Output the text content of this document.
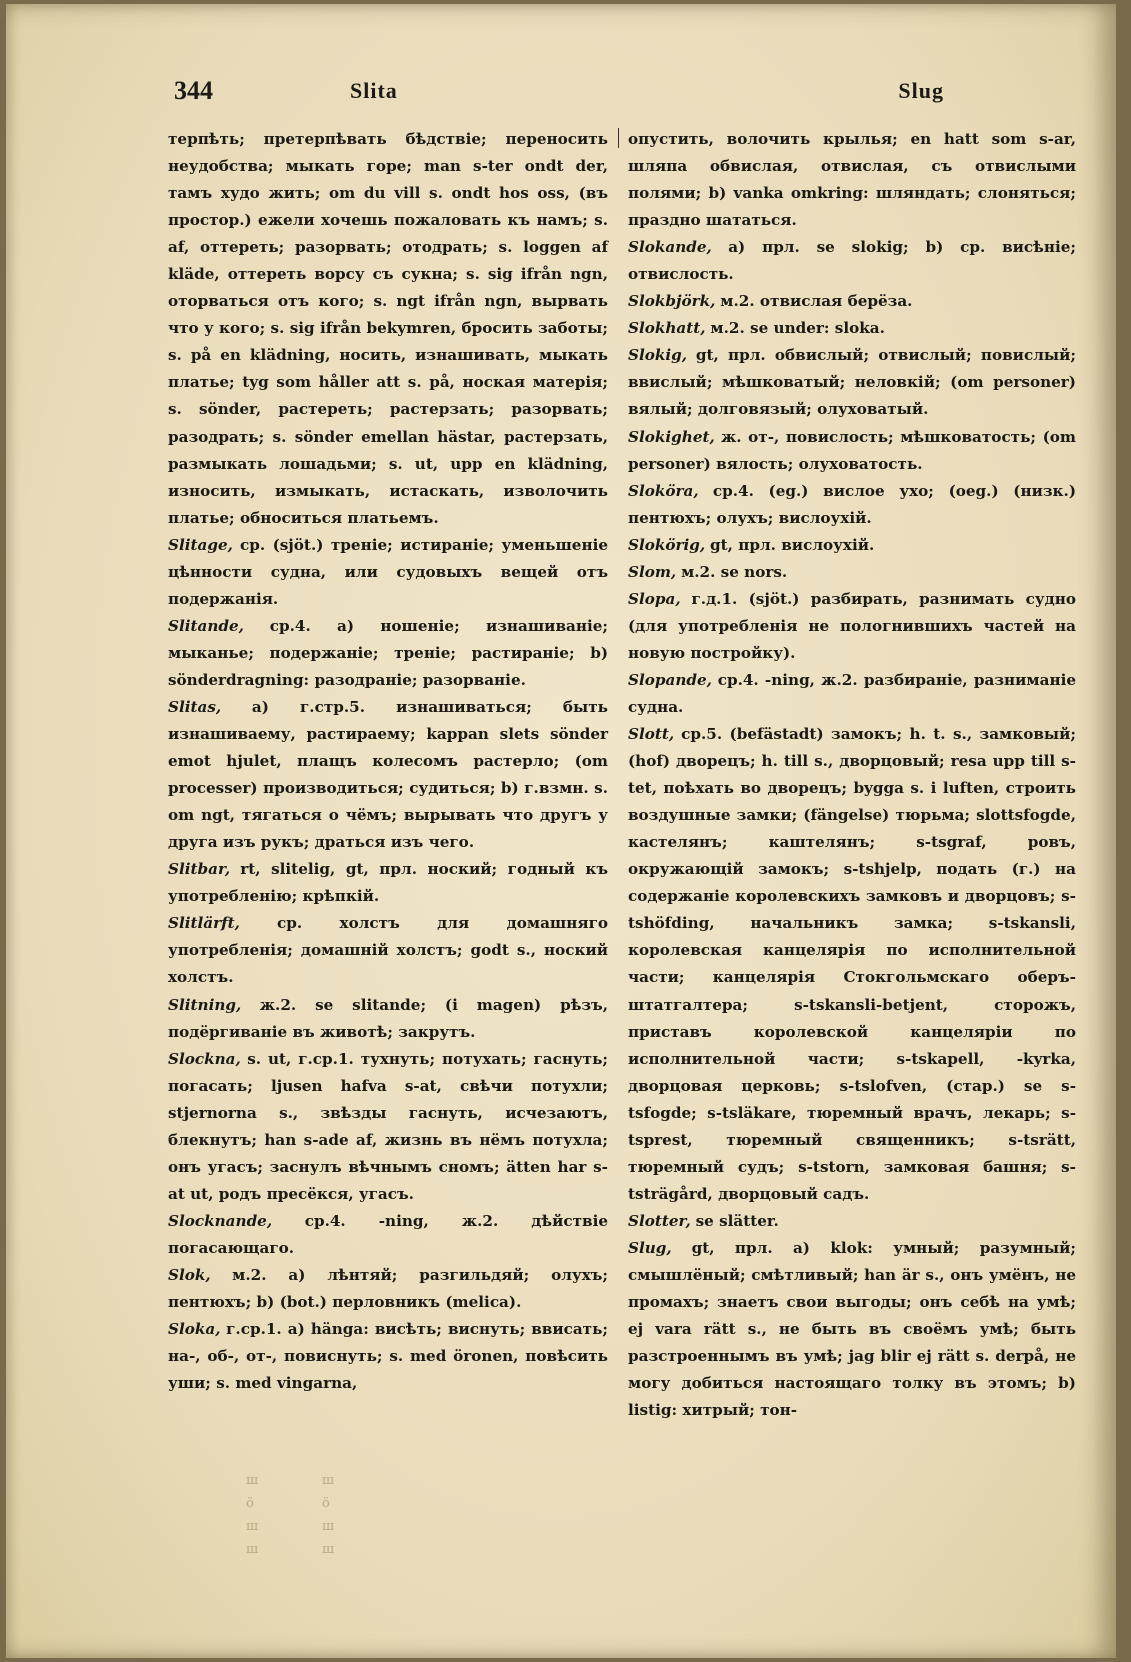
344	Slita	Slug

терпѣть; претерпѣвать бѣдствіе; переносить неудобства; мыкать горе; man s-ter ondt der, тамъ худо жить; om du vill s. ondt hos oss, (въ простор.) ежели хочешь пожаловать къ намъ; s. af, оттереть; разорвать; отодрать; s. loggen af kläde, оттереть ворсу съ сукна; s. sig ifrån ngn, оторваться отъ кого; s. ngt ifrån ngn, вырвать что у кого; s. sig ifrån bekymren, бросить заботы; s. på en klädning, носить, изнашивать, мыкать платье; tyg som håller att s. på, ноская матерія; s. sönder, растереть; растерзать; разорвать; разодрать; s. sönder emellan hästar, растерзать, размыкать лошадьми; s. ut, upp en klädning, износить, измыкать, истаскать, изволочить платье; обноситься платьемъ.

Slitage, ср. (sjöt.) треніе; истираніе; уменьшеніе цѣнности судна, или судовыхъ вещей отъ подержанія.

Slitande, ср.4. а) ношеніе; изнашиваніе; мыканье; подержаніе; треніе; растираніе; b) sönderdragning: разодраніе; разорваніе.

Slitas, а) г.стр.5. изнашиваться; быть изнашиваему, растираему; kappan slets sönder emot hjulet, плащъ колесомъ растерло; (om processer) производиться; судиться; b) г.взмн. s. om ngt, тягаться о чёмъ; вырывать что другъ у друга изъ рукъ; драться изъ чего.

Slitbar, rt, slitelig, gt, прл. ноский; годный къ употребленію; крѣпкій.

Slitlärft, ср. холстъ для домашняго употребленія; домашній холстъ; godt s., ноский холстъ.

Slitning, ж.2. se slitande; (i magen) рѣзъ, подёргиваніе въ животѣ; закрутъ.

Slockna, s. ut, г.ср.1. тухнуть; потухать; гаснуть; погасать; ljusen hafva s-at, свѣчи потухли; stjernorna s., звѣзды гаснуть, исчезаютъ, блекнутъ; han s-ade af, жизнь въ нёмъ потухла; онъ угасъ; заснулъ вѣчнымъ сномъ; ätten har s-at ut, родъ пресёкся, угасъ.

Slocknande, ср.4. -ning, ж.2. дѣйствіе погасающаго.

Slok, м.2. а) лѣнтяй; разгильдяй; олухъ; пентюхъ; b) (bot.) перловникъ (melica).

Sloka, г.ср.1. а) hänga: висѣть; виснуть; ввисать; на-, об-, от-, повиснуть; s. med öronen, повѣсить уши; s. med vingarna,

опустить, волочить крылья; en hatt som s-ar, шляпа обвислая, отвислая, съ отвислыми полями; b) vanka omkring: шляндать; слоняться; праздно шататься.

Slokande, а) прл. se slokig; b) ср. висѣніе; отвислость.

Slokbjörk, м.2. отвислая берёза.

Slokhatt, м.2. se under: sloka.

Slokig, gt, прл. обвислый; отвислый; повислый; ввислый; мѣшковатый; неловкій; (om personer) вялый; долговязый; олуховатый.

Slokighet, ж. от-, повислость; мѣшковатость; (om personer) вялость; олуховатость.

Sloköra, ср.4. (eg.) вислое ухо; (oeg.) (низк.) пентюхъ; олухъ; вислоухій.

Slokörig, gt, прл. вислоухій.

Slom, м.2. se nors.

Slopa, г.д.1. (sjöt.) разбирать, разнимать судно (для употребленія не пологнившихъ частей на новую постройку).

Slopande, ср.4. -ning, ж.2. разбираніе, разниманіе судна.

Slott, ср.5. (befästadt) замокъ; h. t. s., замковый; (hof) дворецъ; h. till s., дворцовый; resa upp till s-tet, поѣхать во дворецъ; bygga s. i luften, строить воздушные замки; (fängelse) тюрьма; slottsfogde, кастелянъ; каштелянъ; s-tsgraf, ровъ, окружающій замокъ; s-tshjelp, подать (г.) на содержаніе королевскихъ замковъ и дворцовъ; s-tshöfding, начальникъ замка; s-tskansli, королевская канцелярія по исполнительной части; канцелярія Стокгольмскаго оберъ-штатгалтера; s-tskansli-betjent, сторожъ, приставъ королевской канцеляріи по исполнительной части; s-tskapell, -kyrka, дворцовая церковь; s-tslofven, (стар.) se s-tsfogde; s-tsläkare, тюремный врачъ, лекарь; s-tsprest, тюремный священникъ; s-tsrätt, тюремный судъ; s-tstorn, замковая башня; s-tsträgård, дворцовый садъ.

Slotter, se slätter.

Slug, gt, прл. а) klok: умный; разумный; смышлёный; смѣтливый; han är s., онъ умёнъ, не промахъ; знаетъ свои выгоды; онъ себѣ на умѣ; ej vara rätt s., не быть въ своёмъ умѣ; быть разстроеннымъ въ умѣ; jag blir ej rätt s. derpå, не могу добиться настоящаго толку въ этомъ; b) listig: хитрый; тон-

ш
ö
ш
ш
ш
ö
ш
ш
